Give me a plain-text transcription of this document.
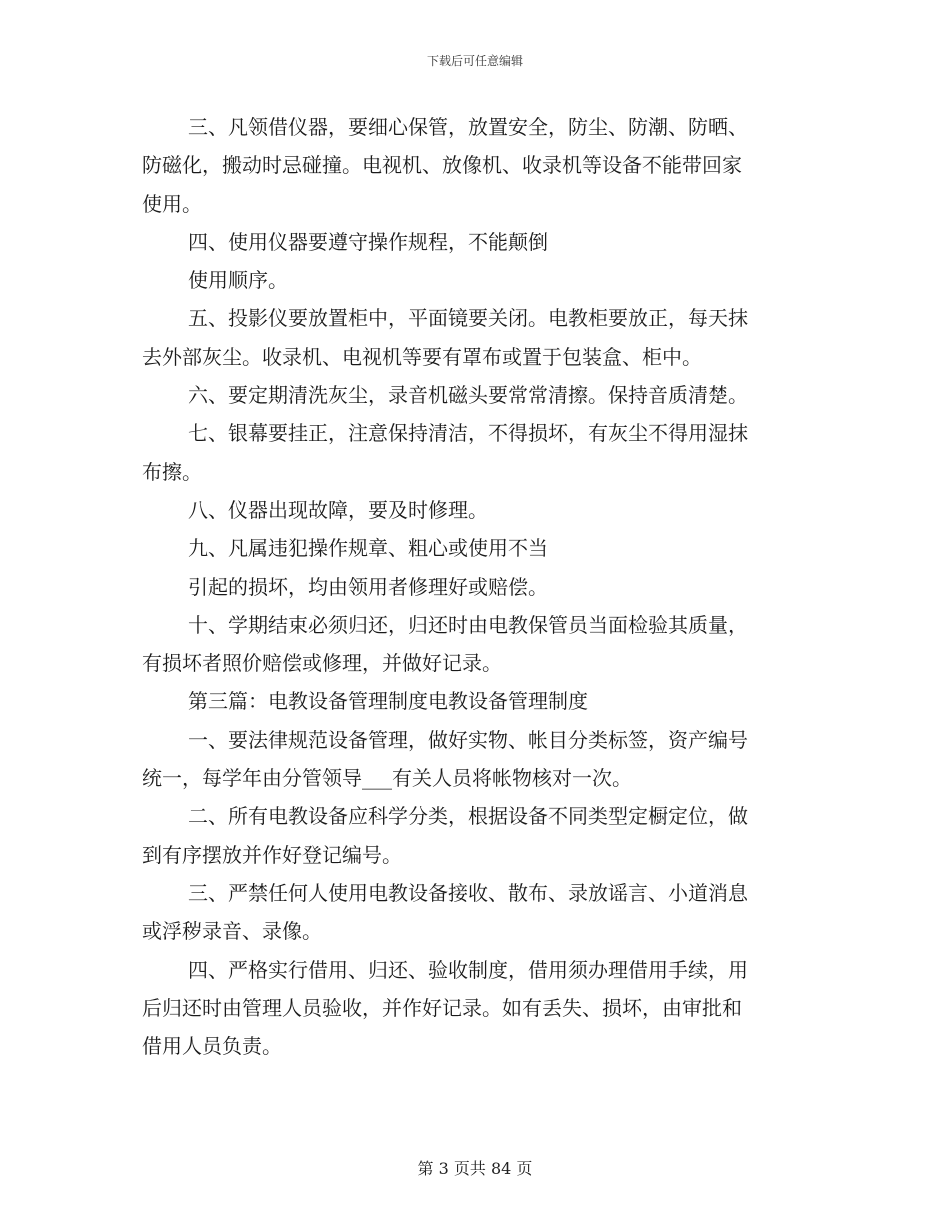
下载后可任意编辑
三、凡领借仪器，要细心保管，放置安全，防尘、防潮、防晒、
防磁化，搬动时忌碰撞。电视机、放像机、收录机等设备不能带回家
使用。
四、使用仪器要遵守操作规程，不能颠倒
使用顺序。
五、投影仪要放置柜中，平面镜要关闭。电教柜要放正，每天抹
去外部灰尘。收录机、电视机等要有罩布或置于包装盒、柜中。
六、要定期清洗灰尘，录音机磁头要常常清擦。保持音质清楚。
七、银幕要挂正，注意保持清洁，不得损坏，有灰尘不得用湿抹
布擦。
八、仪器出现故障，要及时修理。
九、凡属违犯操作规章、粗心或使用不当
引起的损坏，均由领用者修理好或赔偿。
十、学期结束必须归还，归还时由电教保管员当面检验其质量，
有损坏者照价赔偿或修理，并做好记录。
第三篇：电教设备管理制度电教设备管理制度
一、要法律规范设备管理，做好实物、帐目分类标签，资产编号
统一，每学年由分管领导___有关人员将帐物核对一次。
二、所有电教设备应科学分类，根据设备不同类型定橱定位，做
到有序摆放并作好登记编号。
三、严禁任何人使用电教设备接收、散布、录放谣言、小道消息
或浮秽录音、录像。
四、严格实行借用、归还、验收制度，借用须办理借用手续，用
后归还时由管理人员验收，并作好记录。如有丢失、损坏，由审批和
借用人员负责。
第 3 页共 84 页
